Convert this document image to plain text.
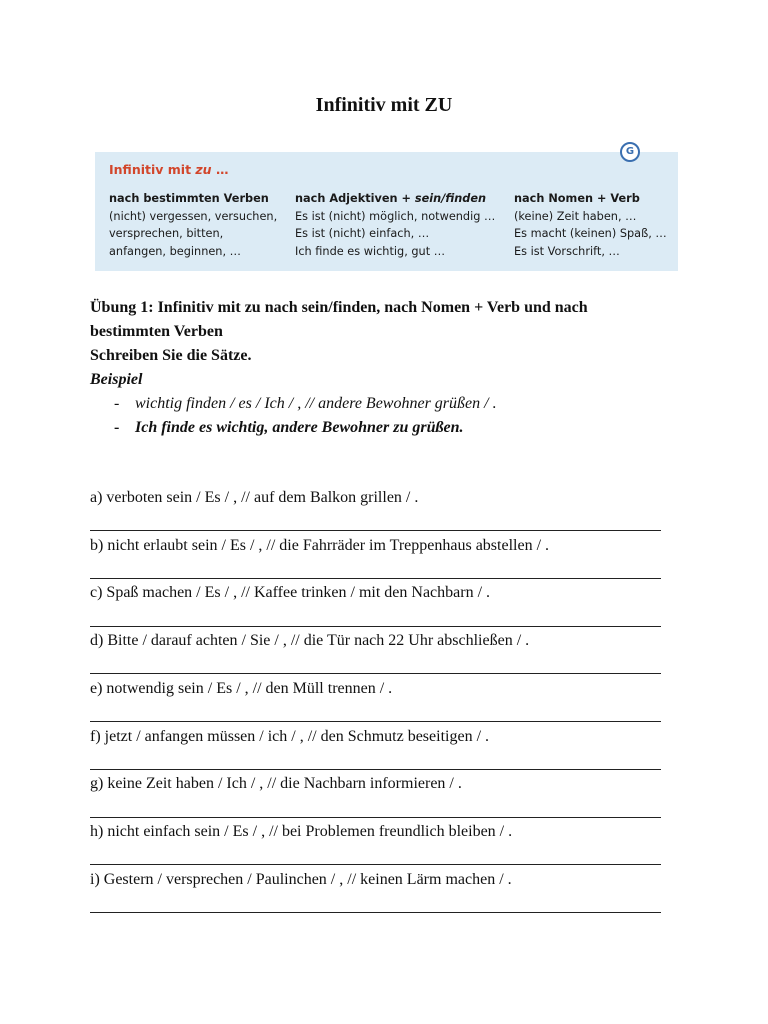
Infinitiv mit ZU
Infinitiv mit zu …
G
nach bestimmten Verben
(nicht) vergessen, versuchen,
versprechen, bitten,
anfangen, beginnen, …
nach Adjektiven + sein/finden
Es ist (nicht) möglich, notwendig …
Es ist (nicht) einfach, …
Ich finde es wichtig, gut …
nach Nomen + Verb
(keine) Zeit haben, …
Es macht (keinen) Spaß, …
Es ist Vorschrift, …
Übung 1: Infinitiv mit zu nach sein/finden, nach Nomen + Verb und nach
bestimmten Verben
Schreiben Sie die Sätze.
Beispiel
- wichtig finden / es / Ich / , // andere Bewohner grüßen / .
- Ich finde es wichtig, andere Bewohner zu grüßen.
a) verboten sein / Es / , // auf dem Balkon grillen / .
b) nicht erlaubt sein / Es / , // die Fahrräder im Treppenhaus abstellen / .
c) Spaß machen / Es / , // Kaffee trinken / mit den Nachbarn / .
d) Bitte / darauf achten / Sie / , // die Tür nach 22 Uhr abschließen / .
e) notwendig sein / Es / , // den Müll trennen / .
f) jetzt / anfangen müssen / ich / , // den Schmutz beseitigen / .
g) keine Zeit haben / Ich / , // die Nachbarn informieren / .
h) nicht einfach sein / Es / , // bei Problemen freundlich bleiben / .
i) Gestern / versprechen / Paulinchen / , // keinen Lärm machen / .
